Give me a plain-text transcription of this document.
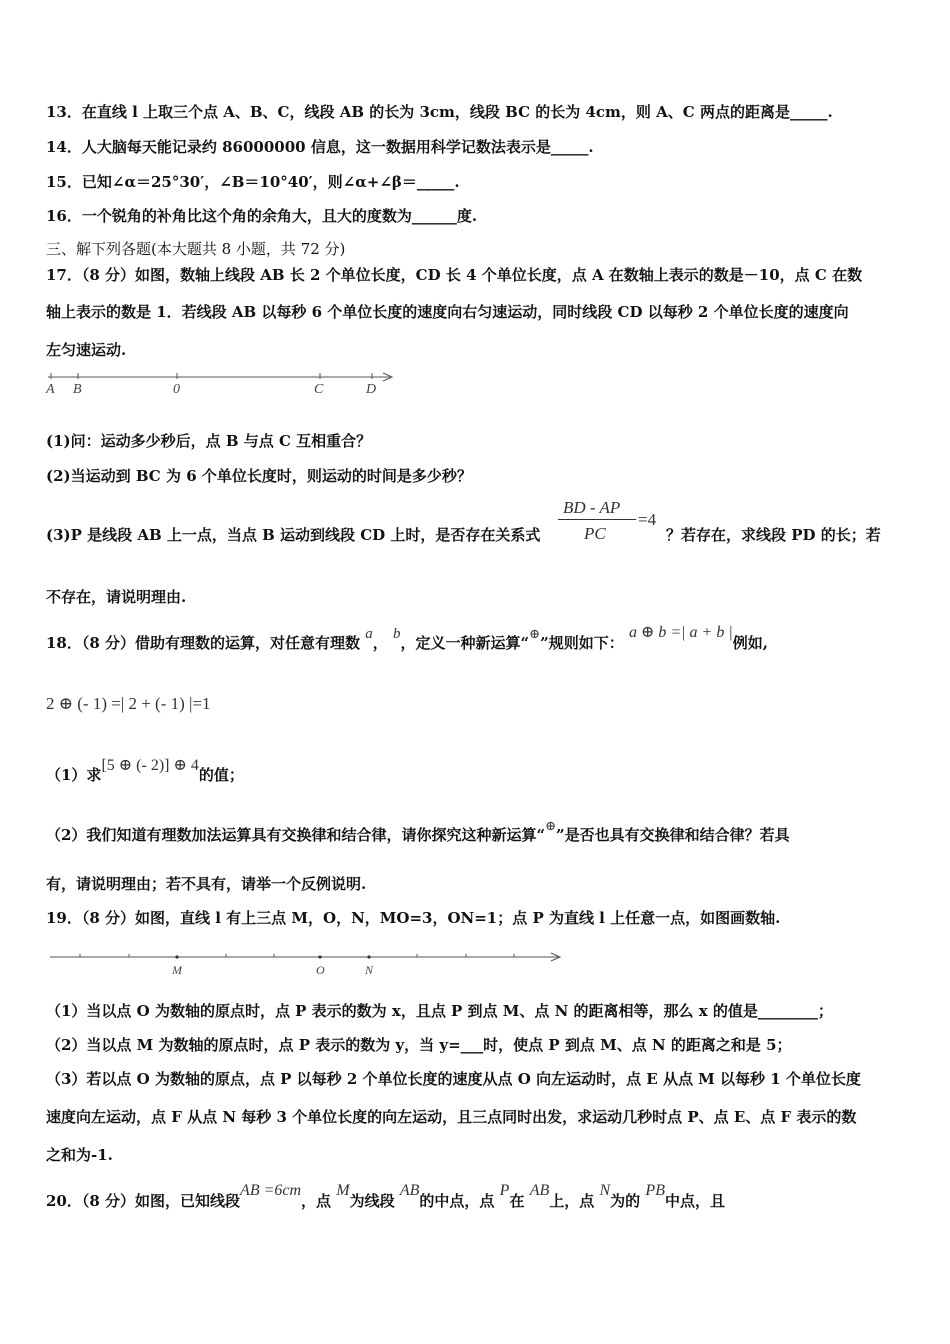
13．在直线 l 上取三个点 A、B、C，线段 AB 的长为 3cm，线段 BC 的长为 4cm，则 A、C 两点的距离是_____.
14．人大脑每天能记录约 86000000 信息，这一数据用科学记数法表示是_____.
15．已知∠α＝25°30′，∠B＝10°40′，则∠α+∠β＝_____.
16．一个锐角的补角比这个角的余角大，且大的度数为______度.
三、解下列各题(本大题共 8 小题，共 72 分)
17．（8 分）如图，数轴上线段 AB 长 2 个单位长度，CD 长 4 个单位长度，点 A 在数轴上表示的数是－10，点 C 在数
轴上表示的数是 1．若线段 AB 以每秒 6 个单位长度的速度向右匀速运动，同时线段 CD 以每秒 2 个单位长度的速度向
左匀速运动.
A B	0	C	D
(1)问：运动多少秒后，点 B 与点 C 互相重合？
(2)当运动到 BC 为 6 个单位长度时，则运动的时间是多少秒？
(3)P 是线段 AB 上一点，当点 B 运动到线段 CD 上时，是否存在关系式
BD - AP
PC
=4
？若存在，求线段 PD 的长；若
不存在，请说明理由.
18．（8 分）借助有理数的运算，对任意有理数 a， b，定义一种新运算“⊕”规则如下： a ⊕ b =| a + b |例如,
2 ⊕ (- 1) =| 2 + (- 1) |=1
（1）求[5 ⊕ (- 2)] ⊕ 4的值；
（2）我们知道有理数加法运算具有交换律和结合律，请你探究这种新运算“⊕”是否也具有交换律和结合律？若具
有，请说明理由；若不具有，请举一个反例说明.
19．（8 分）如图，直线 l 有上三点 M，O，N，MO=3，ON=1；点 P 为直线 l 上任意一点，如图画数轴.
M	O	N
（1）当以点 O 为数轴的原点时，点 P 表示的数为 x，且点 P 到点 M、点 N 的距离相等，那么 x 的值是________；
（2）当以点 M 为数轴的原点时，点 P 表示的数为 y，当 y=___时，使点 P 到点 M、点 N 的距离之和是 5；
（3）若以点 O 为数轴的原点，点 P 以每秒 2 个单位长度的速度从点 O 向左运动时，点 E 从点 M 以每秒 1 个单位长度
速度向左运动，点 F 从点 N 每秒 3 个单位长度的向左运动，且三点同时出发，求运动几秒时点 P、点 E、点 F 表示的数
之和为-1.
20．（8 分）如图，已知线段AB =6cm，点 M为线段 AB的中点，点 P在 AB上，点 N为的 PB中点，且
